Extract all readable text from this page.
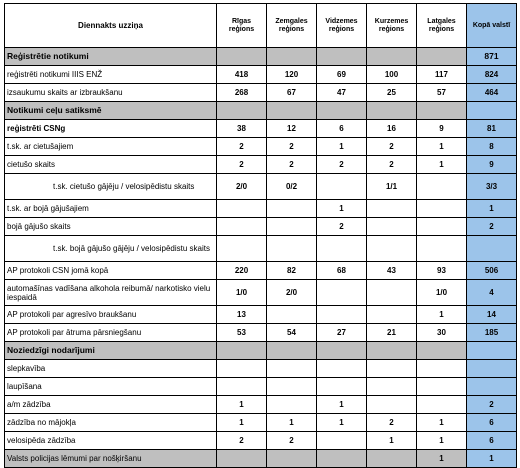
Diennakts uzziņa	Rīgas reģions	Zemgales reģions	Vidzemes reģions	Kurzemes reģions	Latgales reģions	Kopā valstī
Reģistrētie notikumi						871
reģistrēti notikumi IIIS ENŽ	418	120	69	100	117	824
izsaukumu skaits ar izbraukšanu	268	67	47	25	57	464
Notikumi ceļu satiksmē						
reģistrēti CSNg	38	12	6	16	9	81
t.sk. ar cietušajiem	2	2	1	2	1	8
cietušo skaits	2	2	2	2	1	9
t.sk. cietušo gājēju / velosipēdistu skaits	2/0	0/2		1/1		3/3
t.sk. ar bojā gājušajiem			1			1
bojā gājušo skaits			2			2
t.sk. bojā gājušo gājēju / velosipēdistu skaits						
AP protokoli CSN jomā kopā	220	82	68	43	93	506
automašīnas vadīšana alkohola reibumā/ narkotisko vielu iespaidā	1/0	2/0			1/0	4
AP protokoli par agresīvo braukšanu	13				1	14
AP protokoli par ātruma pārsniegšanu	53	54	27	21	30	185
Noziedzīgi nodarījumi						
slepkavība						
laupīšana						
a/m zādzība	1		1			2
zādzība no mājokļa	1	1	1	2	1	6
velosipēda zādzība	2	2		1	1	6
Valsts policijas lēmumi par nošķiršanu					1	1
